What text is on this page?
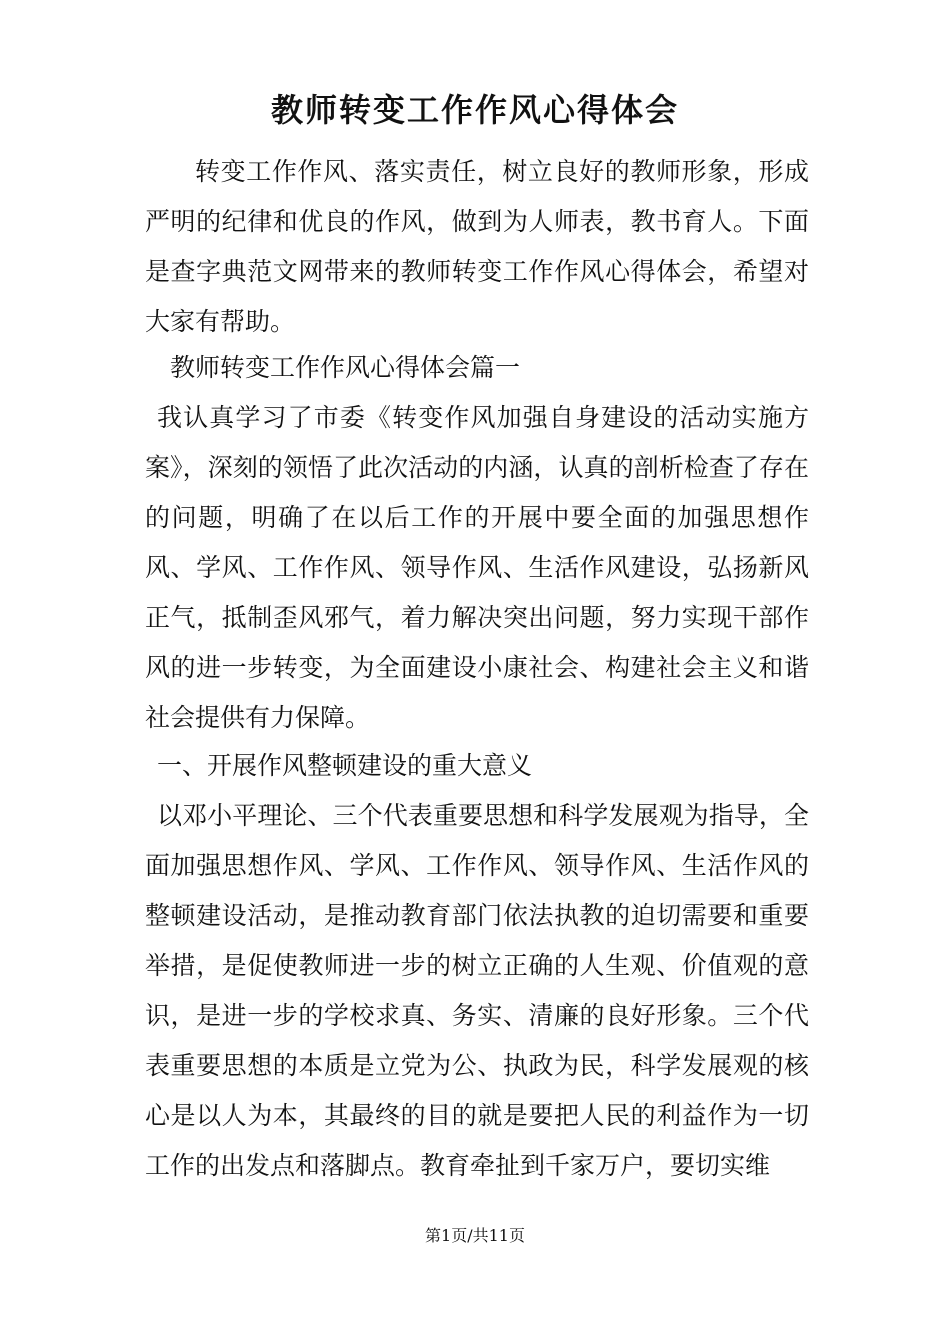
教师转变工作作风心得体会

转变工作作风、落实责任，树立良好的教师形象，形成严明的纪律和优良的作风，做到为人师表，教书育人。下面是查字典范文网带来的教师转变工作作风心得体会，希望对大家有帮助。

教师转变工作作风心得体会篇一

我认真学习了市委《转变作风加强自身建设的活动实施方案》，深刻的领悟了此次活动的内涵，认真的剖析检查了存在的问题，明确了在以后工作的开展中要全面的加强思想作风、学风、工作作风、领导作风、生活作风建设，弘扬新风正气，抵制歪风邪气，着力解决突出问题，努力实现干部作风的进一步转变，为全面建设小康社会、构建社会主义和谐社会提供有力保障。

一、开展作风整顿建设的重大意义

以邓小平理论、三个代表重要思想和科学发展观为指导，全面加强思想作风、学风、工作作风、领导作风、生活作风的整顿建设活动，是推动教育部门依法执教的迫切需要和重要举措，是促使教师进一步的树立正确的人生观、价值观的意识，是进一步的学校求真、务实、清廉的良好形象。三个代表重要思想的本质是立党为公、执政为民，科学发展观的核心是以人为本，其最终的目的就是要把人民的利益作为一切工作的出发点和落脚点。教育牵扯到千家万户，要切实维

第1页/共11页
